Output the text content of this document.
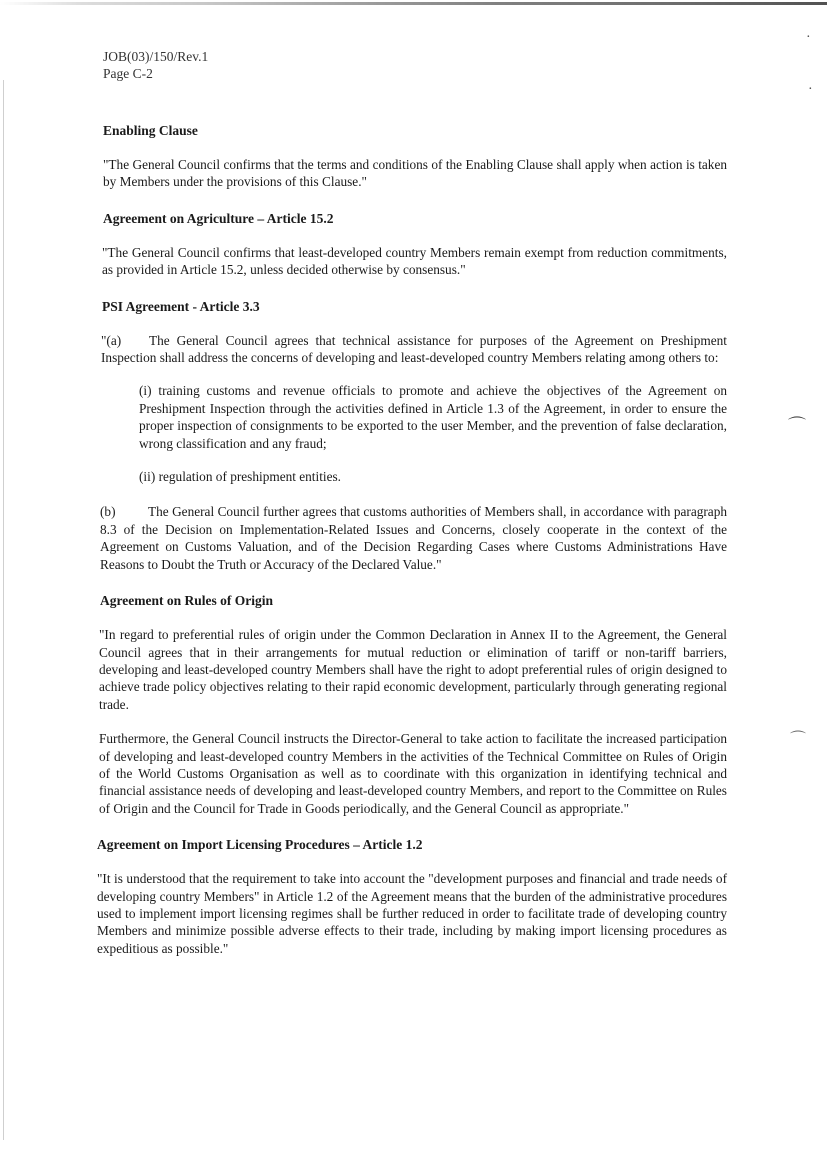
·
·
⌒
⌒
JOB(03)/150/Rev.1
Page C-2
Enabling Clause

"The General Council confirms that the terms and conditions of the Enabling Clause shall apply when action is taken by Members under the provisions of this Clause."

Agreement on Agriculture – Article 15.2

"The General Council confirms that least-developed country Members remain exempt from reduction commitments, as provided in Article 15.2, unless decided otherwise by consensus."

PSI Agreement - Article 3.3

"(a) The General Council agrees that technical assistance for purposes of the Agreement on Preshipment Inspection shall address the concerns of developing and least-developed country Members relating among others to:

(i) training customs and revenue officials to promote and achieve the objectives of the Agreement on Preshipment Inspection through the activities defined in Article 1.3 of the Agreement, in order to ensure the proper inspection of consignments to be exported to the user Member, and the prevention of false declaration, wrong classification and any fraud;

(ii) regulation of preshipment entities.

(b) The General Council further agrees that customs authorities of Members shall, in accordance with paragraph 8.3 of the Decision on Implementation-Related Issues and Concerns, closely cooperate in the context of the Agreement on Customs Valuation, and of the Decision Regarding Cases where Customs Administrations Have Reasons to Doubt the Truth or Accuracy of the Declared Value."

Agreement on Rules of Origin

"In regard to preferential rules of origin under the Common Declaration in Annex II to the Agreement, the General Council agrees that in their arrangements for mutual reduction or elimination of tariff or non-tariff barriers, developing and least-developed country Members shall have the right to adopt preferential rules of origin designed to achieve trade policy objectives relating to their rapid economic development, particularly through generating regional trade.

Furthermore, the General Council instructs the Director-General to take action to facilitate the increased participation of developing and least-developed country Members in the activities of the Technical Committee on Rules of Origin of the World Customs Organisation as well as to coordinate with this organization in identifying technical and financial assistance needs of developing and least-developed country Members, and report to the Committee on Rules of Origin and the Council for Trade in Goods periodically, and the General Council as appropriate."

Agreement on Import Licensing Procedures – Article 1.2

"It is understood that the requirement to take into account the "development purposes and financial and trade needs of developing country Members" in Article 1.2 of the Agreement means that the burden of the administrative procedures used to implement import licensing regimes shall be further reduced in order to facilitate trade of developing country Members and minimize possible adverse effects to their trade, including by making import licensing procedures as expeditious as possible."
